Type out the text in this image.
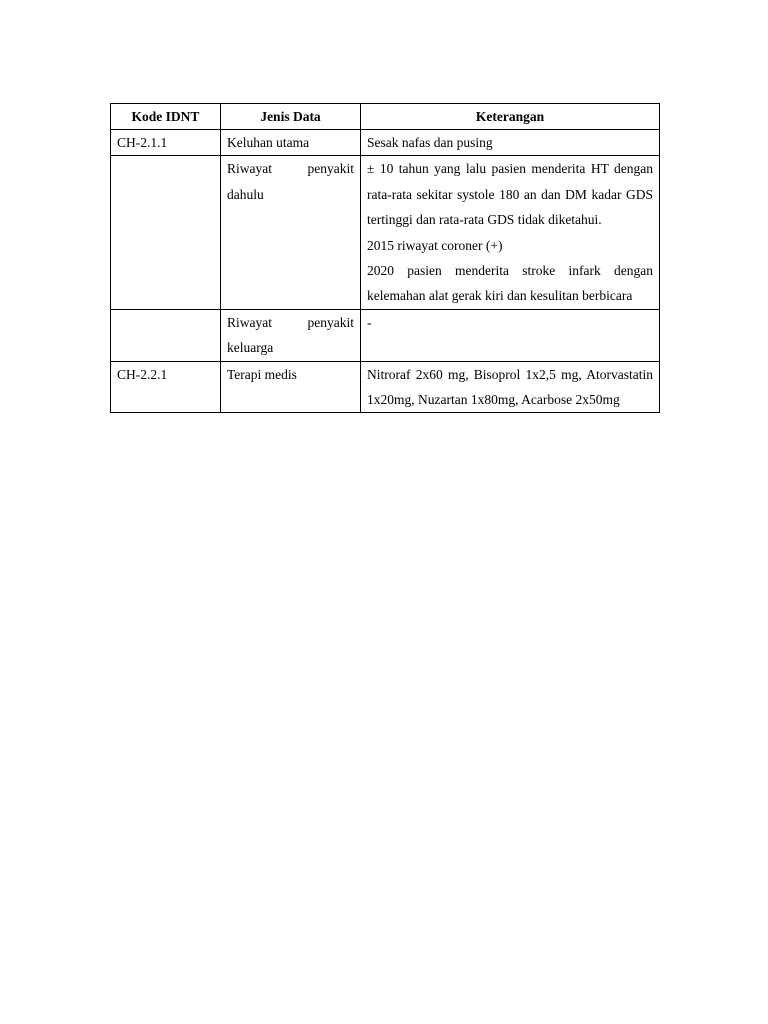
Kode IDNT	Jenis Data	Keterangan
CH-2.1.1	Keluhan utama	Sesak nafas dan pusing

	Riwayat penyakit dahulu	± 10 tahun yang lalu pasien menderita HT dengan rata-rata sekitar systole 180 an dan DM kadar GDS tertinggi dan rata-rata GDS tidak diketahui.
2015 riwayat coroner (+)
2020 pasien menderita stroke infark dengan kelemahan alat gerak kiri dan kesulitan berbicara

	Riwayat penyakit keluarga	-

CH-2.2.1	Terapi medis	Nitroraf 2x60 mg, Bisoprol 1x2,5 mg, Atorvastatin 1x20mg, Nuzartan 1x80mg, Acarbose 2x50mg
